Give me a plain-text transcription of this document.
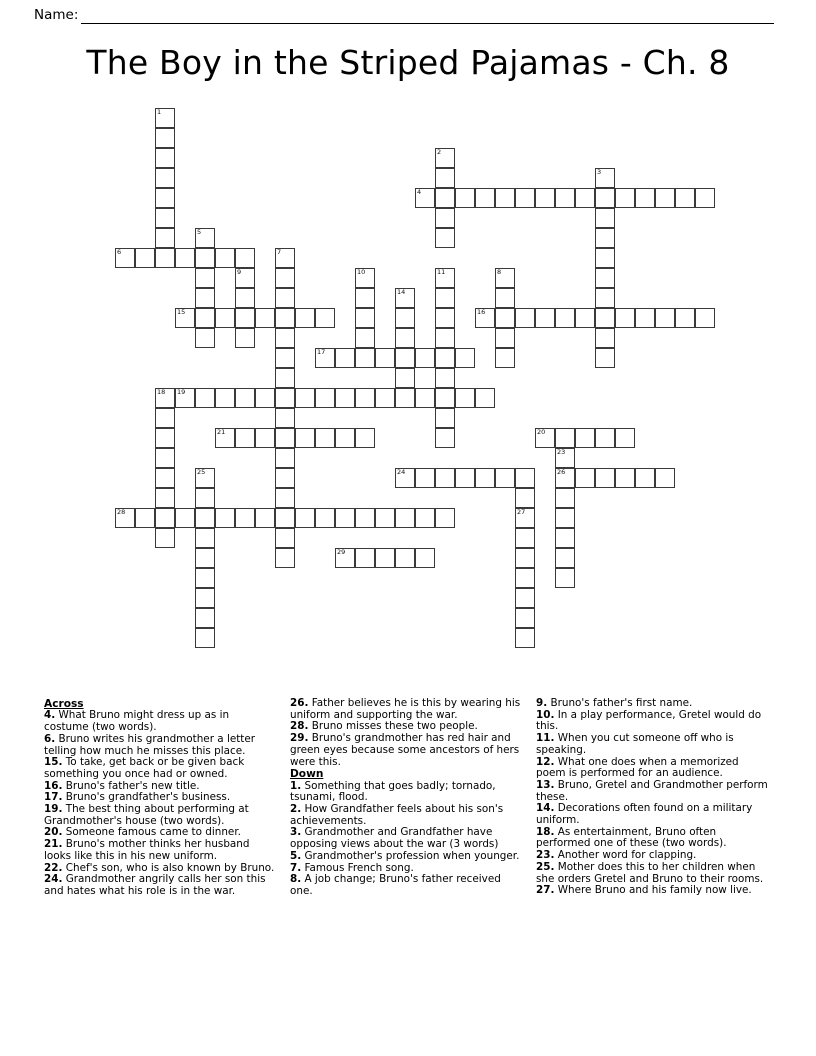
Name:
The Boy in the Striped Pajamas - Ch. 8
1
2
4
3
6
5
9
7
15
10
14
11	8
16
17
18 19
21	20
23
26
25	24
27
28
29
Across
4. What Bruno might dress up as in costume (two words).
6. Bruno writes his grandmother a letter telling how much he misses this place.
15. To take, get back or be given back something you once had or owned.
16. Bruno's father's new title.
17. Bruno's grandfather's business.
19. The best thing about performing at Grandmother's house (two words).
20. Someone famous came to dinner.
21. Bruno's mother thinks her husband looks like this in his new uniform.
22. Chef's son, who is also known by Bruno.
24. Grandmother angrily calls her son this and hates what his role is in the war.
26. Father believes he is this by wearing his uniform and supporting the war.
28. Bruno misses these two people.
29. Bruno's grandmother has red hair and green eyes because some ancestors of hers were this.
Down
1. Something that goes badly; tornado, tsunami, flood.
2. How Grandfather feels about his son's achievements.
3. Grandmother and Grandfather have opposing views about the war (3 words)
5. Grandmother's profession when younger.
7. Famous French song.
8. A job change; Bruno's father received one.
9. Bruno's father's first name.
10. In a play performance, Gretel would do this.
11. When you cut someone off who is speaking.
12. What one does when a memorized poem is performed for an audience.
13. Bruno, Gretel and Grandmother perform these.
14. Decorations often found on a military uniform.
18. As entertainment, Bruno often performed one of these (two words).
23. Another word for clapping.
25. Mother does this to her children when she orders Gretel and Bruno to their rooms.
27. Where Bruno and his family now live.
